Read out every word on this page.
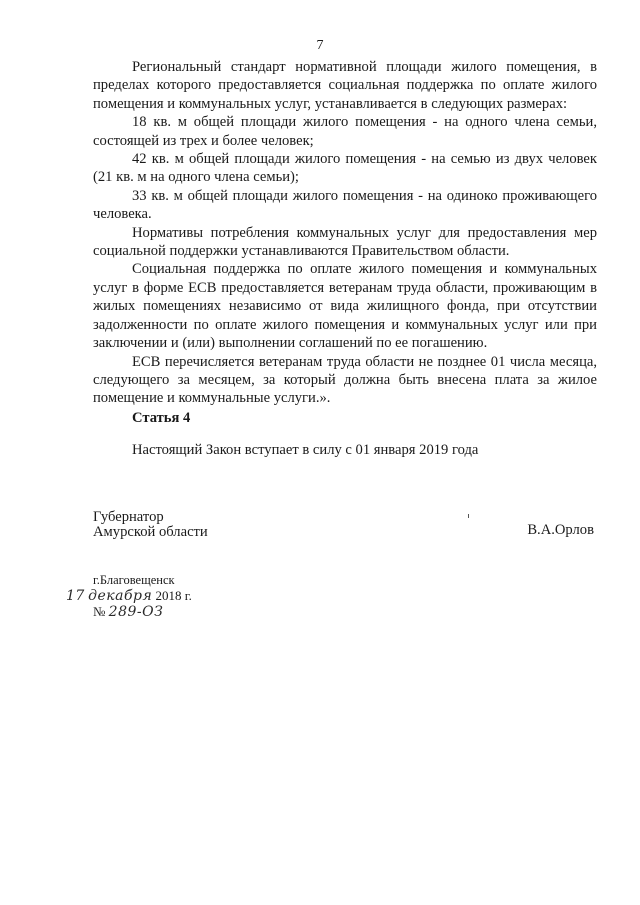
7

Региональный стандарт нормативной площади жилого помещения, в пределах которого предоставляется социальная поддержка по оплате жилого помещения и коммунальных услуг, устанавливается в следующих размерах:

18 кв. м общей площади жилого помещения - на одного члена семьи, состоящей из трех и более человек;

42 кв. м общей площади жилого помещения - на семью из двух человек (21 кв. м на одного члена семьи);

33 кв. м общей площади жилого помещения - на одиноко проживающего человека.

Нормативы потребления коммунальных услуг для предоставления мер социальной поддержки устанавливаются Правительством области.

Социальная поддержка по оплате жилого помещения и коммунальных услуг в форме ЕСВ предоставляется ветеранам труда области, проживающим в жилых помещениях независимо от вида жилищного фонда, при отсутствии задолженности по оплате жилого помещения и коммунальных услуг или при заключении и (или) выполнении соглашений по ее погашению.

ЕСВ перечисляется ветеранам труда области не позднее 01 числа месяца, следующего за месяцем, за который должна быть внесена плата за жилое помещение и коммунальные услуги.».

Статья 4
Настоящий Закон вступает в силу с 01 января 2019 года
Губернатор
Амурской области	В.А.Орлов
г.Благовещенск
17 декабря 2018 г.
№ 289-ОЗ
